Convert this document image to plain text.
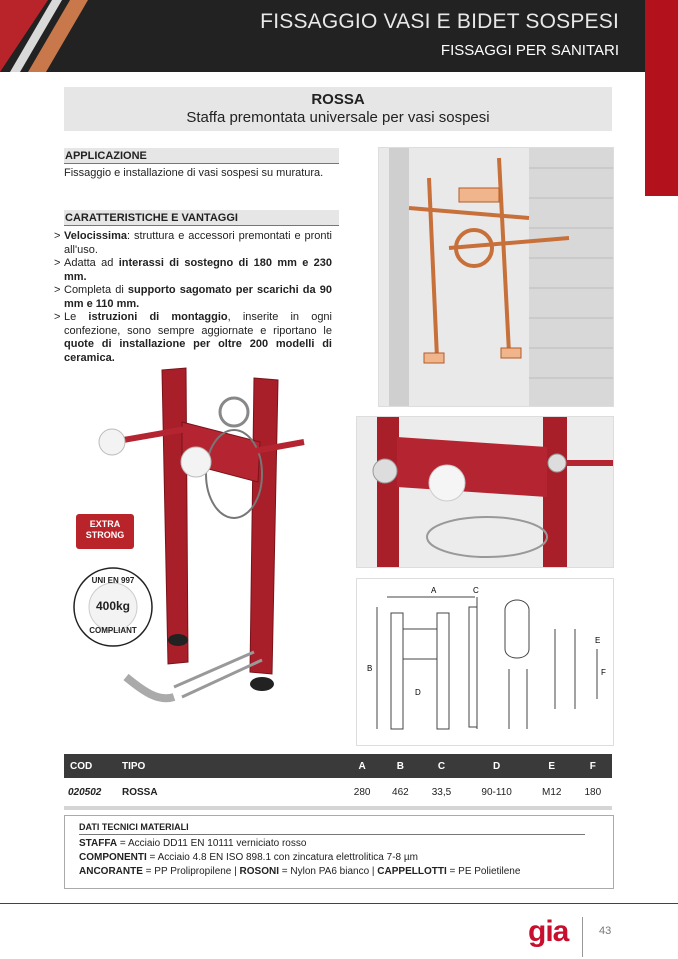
FISSAGGIO VASI E BIDET SOSPESI
FISSAGGI PER SANITARI
ROSSA
Staffa premontata universale per vasi sospesi
APPLICAZIONE
Fissaggio e installazione di vasi sospesi su muratura.
CARATTERISTICHE E VANTAGGI
> Velocissima: struttura e accessori premontati e pronti all'uso.
> Adatta ad interassi di sostegno di 180 mm e 230 mm.
> Completa di supporto sagomato per scarichi da 90 mm e 110 mm.
> Le istruzioni di montaggio, inserite in ogni confezione, sono sempre aggiornate e riportano le quote di installazione per oltre 200 modelli di ceramica.
EXTRA STRONG
UNI EN 997
400kg
COMPLIANT
A
B
C
D
E
F
COD	TIPO	A	B	C	D	E	F
020502	ROSSA	280	462	33,5	90-110	M12	180
DATI TECNICI MATERIALI
STAFFA = Acciaio DD11 EN 10111 verniciato rosso
COMPONENTI = Acciaio 4.8 EN ISO 898.1 con zincatura elettrolitica 7-8 µm
ANCORANTE = PP Prolipropilene | ROSONI = Nylon PA6 bianco | CAPPELLOTTI = PE Polietilene
gia	43
